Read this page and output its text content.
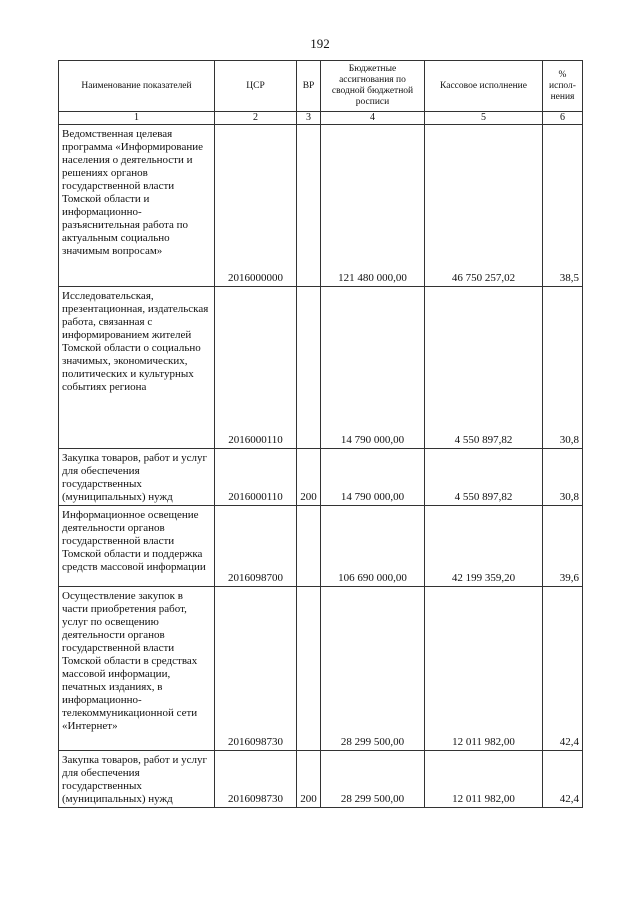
192
Наименование показателей	ЦСР	ВР	Бюджетные ассигнования по сводной бюджетной росписи	Кассовое исполнение	% испол-нения
1	2	3	4	5	6
Ведомственная целевая программа «Информирование населения о деятельности и решениях органов государственной власти Томской области и информационно-разъяснительная работа по актуальным социально значимым вопросам»	2016000000		121 480 000,00	46 750 257,02	38,5
Исследовательская, презентационная, издательская работа, связанная с информированием жителей Томской области о социально значимых, экономических, политических и культурных событиях региона	2016000110		14 790 000,00	4 550 897,82	30,8
Закупка товаров, работ и услуг для обеспечения государственных (муниципальных) нужд	2016000110	200	14 790 000,00	4 550 897,82	30,8
Информационное освещение деятельности органов государственной власти Томской области и поддержка средств массовой информации	2016098700		106 690 000,00	42 199 359,20	39,6
Осуществление закупок в части приобретения работ, услуг по освещению деятельности органов государственной власти Томской области в средствах массовой информации, печатных изданиях, в информационно-телекоммуникационной сети «Интернет»	2016098730		28 299 500,00	12 011 982,00	42,4
Закупка товаров, работ и услуг для обеспечения государственных (муниципальных) нужд	2016098730	200	28 299 500,00	12 011 982,00	42,4
